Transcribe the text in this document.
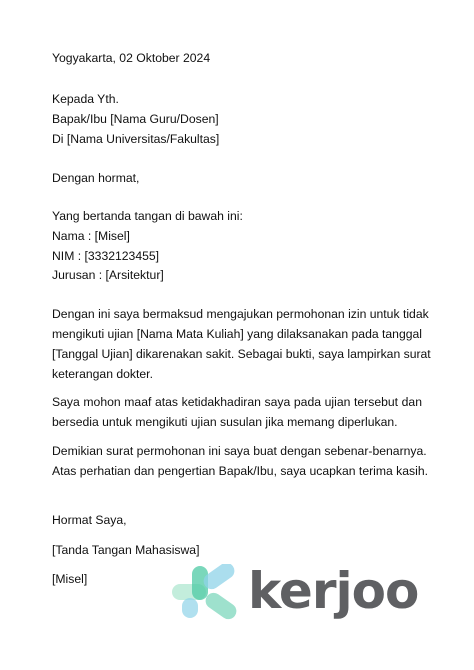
Yogyakarta, 02 Oktober 2024
Kepada Yth.
Bapak/Ibu [Nama Guru/Dosen]
Di [Nama Universitas/Fakultas]
Dengan hormat,
Yang bertanda tangan di bawah ini:
Nama : [Misel]
NIM : [3332123455]
Jurusan : [Arsitektur]
Dengan ini saya bermaksud mengajukan permohonan izin untuk tidak
mengikuti ujian [Nama Mata Kuliah] yang dilaksanakan pada tanggal
[Tanggal Ujian] dikarenakan sakit. Sebagai bukti, saya lampirkan surat
keterangan dokter.
Saya mohon maaf atas ketidakhadiran saya pada ujian tersebut dan
bersedia untuk mengikuti ujian susulan jika memang diperlukan.
Demikian surat permohonan ini saya buat dengan sebenar-benarnya.
Atas perhatian dan pengertian Bapak/Ibu, saya ucapkan terima kasih.
Hormat Saya,
[Tanda Tangan Mahasiswa]
[Misel]	kerjoo
